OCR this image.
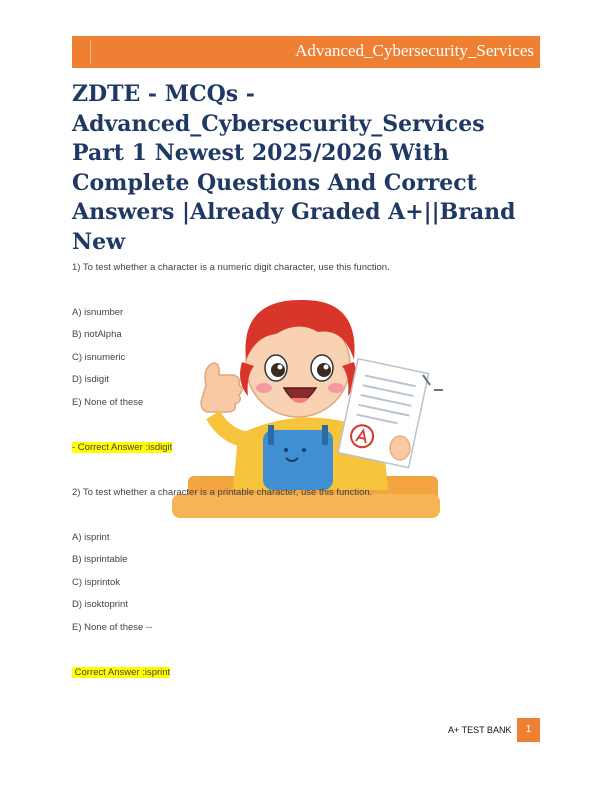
Advanced_Cybersecurity_Services
ZDTE - MCQs - Advanced_Cybersecurity_Services Part 1 Newest 2025/2026 With Complete Questions And Correct Answers |Already Graded A+||Brand New
1) To test whether a character is a numeric digit character, use this function.
A) isnumber
B) notAlpha
C) isnumeric
D) isdigit
E) None of these
- Correct Answer :isdigit
2) To test whether a character is a printable character, use this function.
A) isprint
B) isprintable
C) isprintok
D) isoktoprint
E) None of these --
Correct Answer :isprint
A+ TEST BANK	1
